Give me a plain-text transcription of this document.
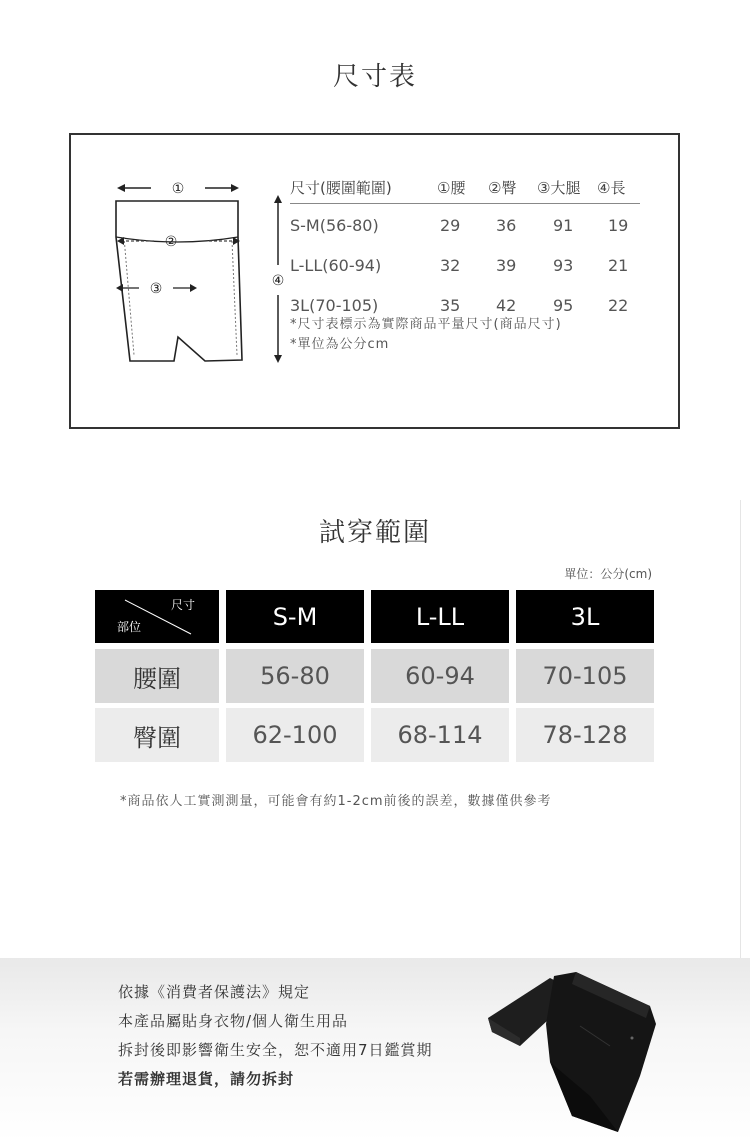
尺寸表
①
②
③	④
尺寸(腰圍範圍)	①腰 ②臀 ③大腿 ④長
S-M(56-80)	29 36 91 19
L-LL(60-94)	32 39 93 21
3L(70-105)	35 42 95 22
*尺寸表標示為實際商品平量尺寸(商品尺寸)
*單位為公分cm
試穿範圍
單位：公分(cm)
尺寸
部位	S-M	L-LL	3L
腰圍	56-80	60-94	70-105
臀圍	62-100	68-114	78-128
*商品依人工實測測量，可能會有約1-2cm前後的誤差，數據僅供參考
依據《消費者保護法》規定
本產品屬貼身衣物/個人衛生用品
拆封後即影響衛生安全，恕不適用7日鑑賞期
若需辦理退貨，請勿拆封
